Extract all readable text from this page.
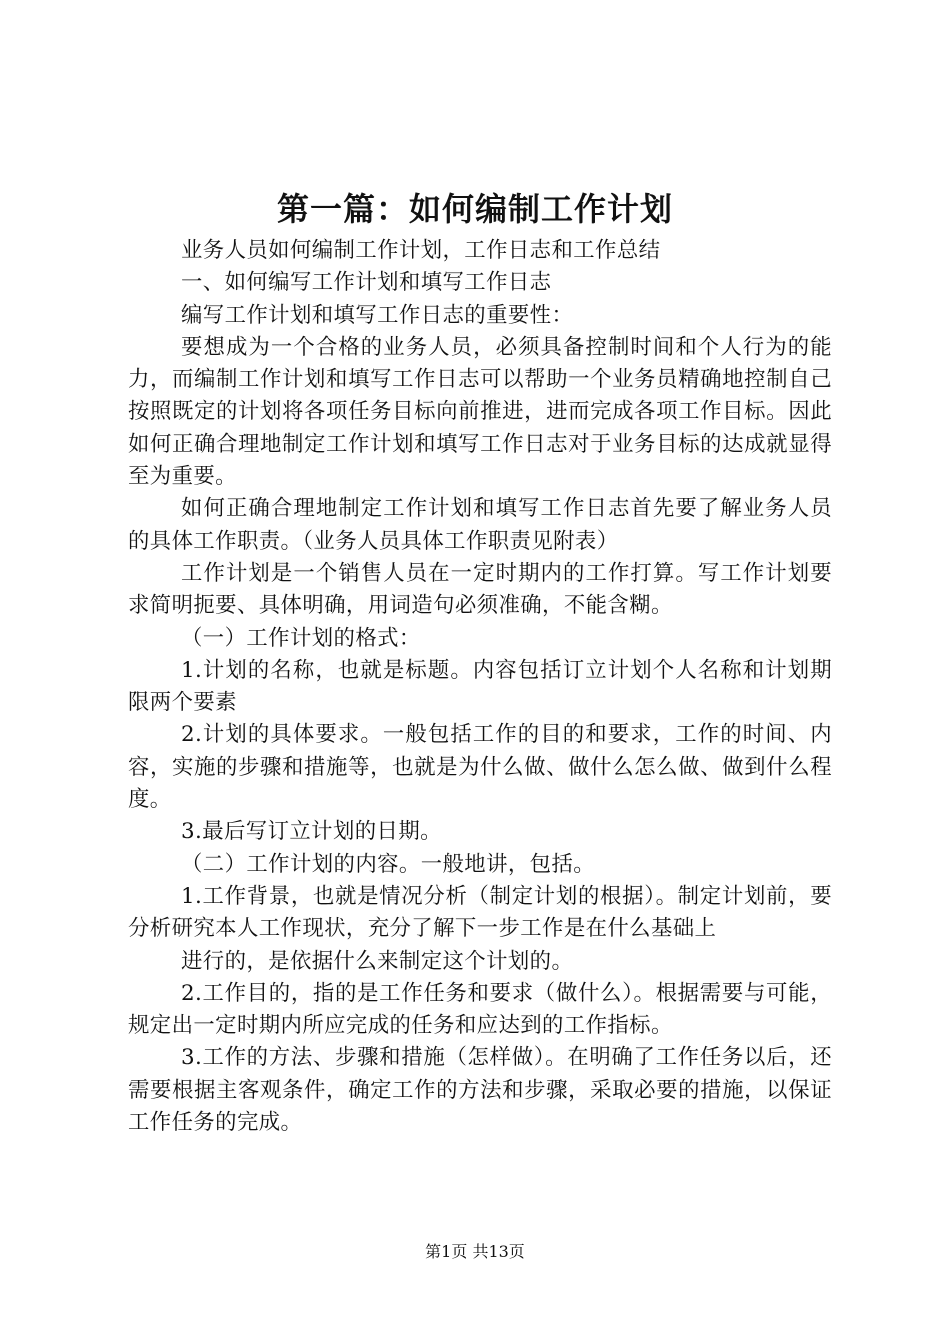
第一篇：如何编制工作计划

业务人员如何编制工作计划，工作日志和工作总结

一、如何编写工作计划和填写工作日志

编写工作计划和填写工作日志的重要性：

要想成为一个合格的业务人员，必须具备控制时间和个人行为的能力，而编制工作计划和填写工作日志可以帮助一个业务员精确地控制自己按照既定的计划将各项任务目标向前推进，进而完成各项工作目标。因此如何正确合理地制定工作计划和填写工作日志对于业务目标的达成就显得至为重要。

如何正确合理地制定工作计划和填写工作日志首先要了解业务人员的具体工作职责。（业务人员具体工作职责见附表）

工作计划是一个销售人员在一定时期内的工作打算。写工作计划要求简明扼要、具体明确，用词造句必须准确，不能含糊。

（一）工作计划的格式：

1.计划的名称，也就是标题。内容包括订立计划个人名称和计划期限两个要素

2.计划的具体要求。一般包括工作的目的和要求，工作的时间、内容，实施的步骤和措施等，也就是为什么做、做什么怎么做、做到什么程度。

3.最后写订立计划的日期。

（二）工作计划的内容。一般地讲，包括。

1.工作背景，也就是情况分析（制定计划的根据）。制定计划前，要分析研究本人工作现状，充分了解下一步工作是在什么基础上

进行的，是依据什么来制定这个计划的。

2.工作目的，指的是工作任务和要求（做什么）。根据需要与可能，规定出一定时期内所应完成的任务和应达到的工作指标。

3.工作的方法、步骤和措施（怎样做）。在明确了工作任务以后，还需要根据主客观条件，确定工作的方法和步骤，采取必要的措施，以保证工作任务的完成。

第1页 共13页
